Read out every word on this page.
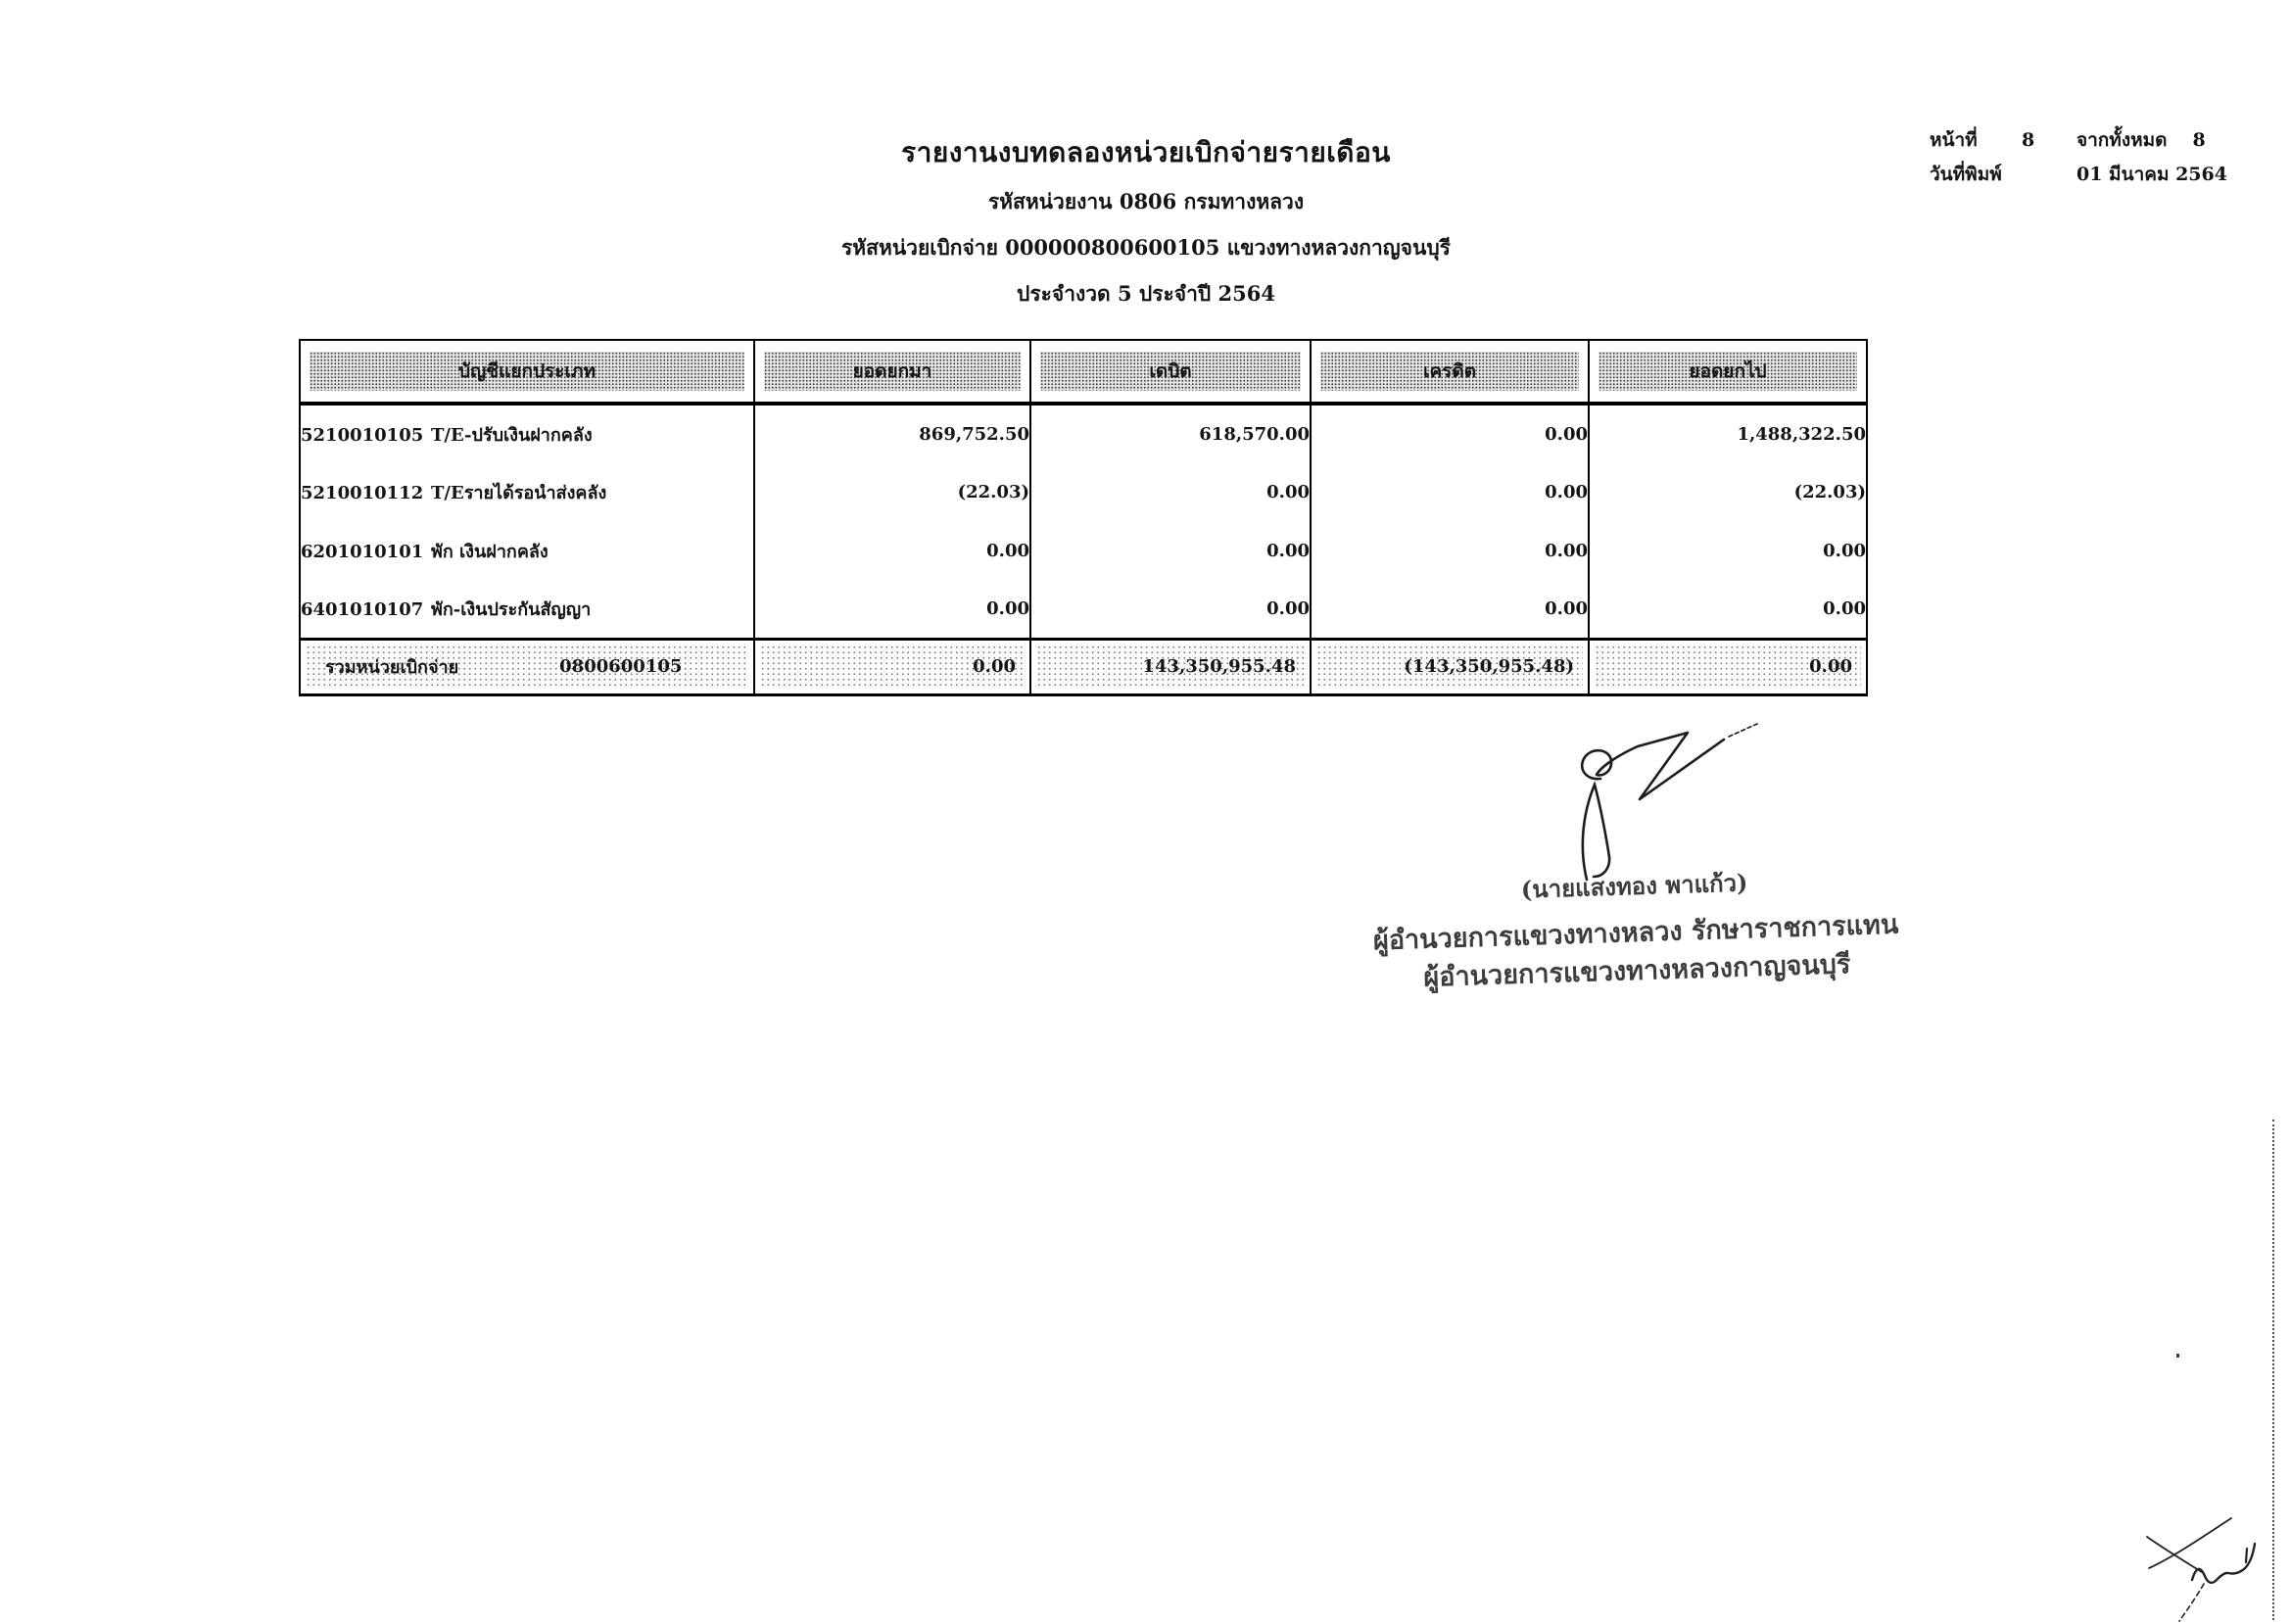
รายงานงบทดลองหน่วยเบิกจ่ายรายเดือน
รหัสหน่วยงาน 0806 กรมทางหลวง
รหัสหน่วยเบิกจ่าย 000000800600105 แขวงทางหลวงกาญจนบุรี
ประจำงวด 5 ประจำปี 2564
หน้าที่	8	จากทั้งหมด 8
วันที่พิมพ์	01 มีนาคม 2564
บัญชีแยกประเภท	ยอดยกมา	เดบิต	เครดิต	ยอดยกไป

5210010105 T/E-ปรับเงินฝากคลัง	869,752.50	618,570.00	0.00	1,488,322.50
5210010112 T/Eรายได้รอนำส่งคลัง	(22.03)	0.00	0.00	(22.03)
6201010101 พัก เงินฝากคลัง	0.00	0.00	0.00	0.00
6401010107 พัก-เงินประกันสัญญา	0.00	0.00	0.00	0.00

รวมหน่วยเบิกจ่าย 0800600105	0.00	143,350,955.48	(143,350,955.48)	0.00
(นายแสงทอง พาแก้ว)
ผู้อำนวยการแขวงทางหลวง รักษาราชการแทน
ผู้อำนวยการแขวงทางหลวงกาญจนบุรี
